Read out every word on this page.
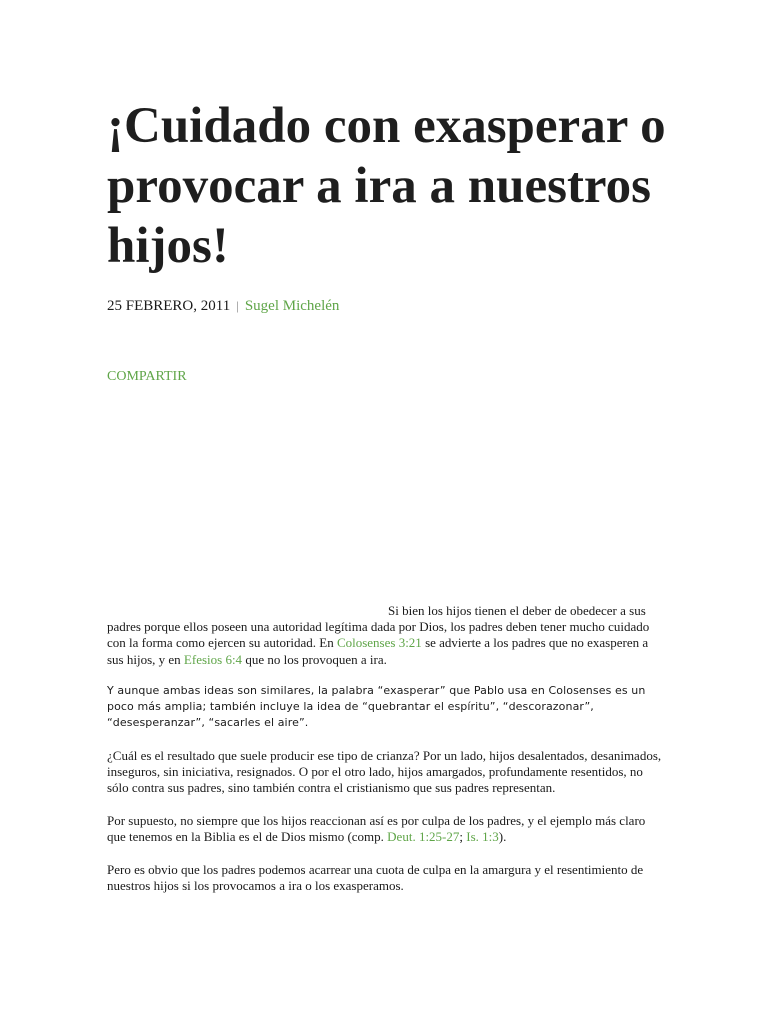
¡Cuidado con exasperar o provocar a ira a nuestros hijos!
25 FEBRERO, 2011 | Sugel Michelén
COMPARTIR

Si bien los hijos tienen el deber de obedecer a sus padres porque ellos poseen una autoridad legítima dada por Dios, los padres deben tener mucho cuidado con la forma como ejercen su autoridad. En Colosenses 3:21 se advierte a los padres que no exasperen a sus hijos, y en Efesios 6:4 que no los provoquen a ira.

Y aunque ambas ideas son similares, la palabra “exasperar” que Pablo usa en Colosenses es un poco más amplia; también incluye la idea de “quebrantar el espíritu”, “descorazonar”, “desesperanzar”, “sacarles el aire”.

¿Cuál es el resultado que suele producir ese tipo de crianza? Por un lado, hijos desalentados, desanimados, inseguros, sin iniciativa, resignados. O por el otro lado, hijos amargados, profundamente resentidos, no sólo contra sus padres, sino también contra el cristianismo que sus padres representan.

Por supuesto, no siempre que los hijos reaccionan así es por culpa de los padres, y el ejemplo más claro que tenemos en la Biblia es el de Dios mismo (comp. Deut. 1:25-27; Is. 1:3).

Pero es obvio que los padres podemos acarrear una cuota de culpa en la amargura y el resentimiento de nuestros hijos si los provocamos a ira o los exasperamos.
